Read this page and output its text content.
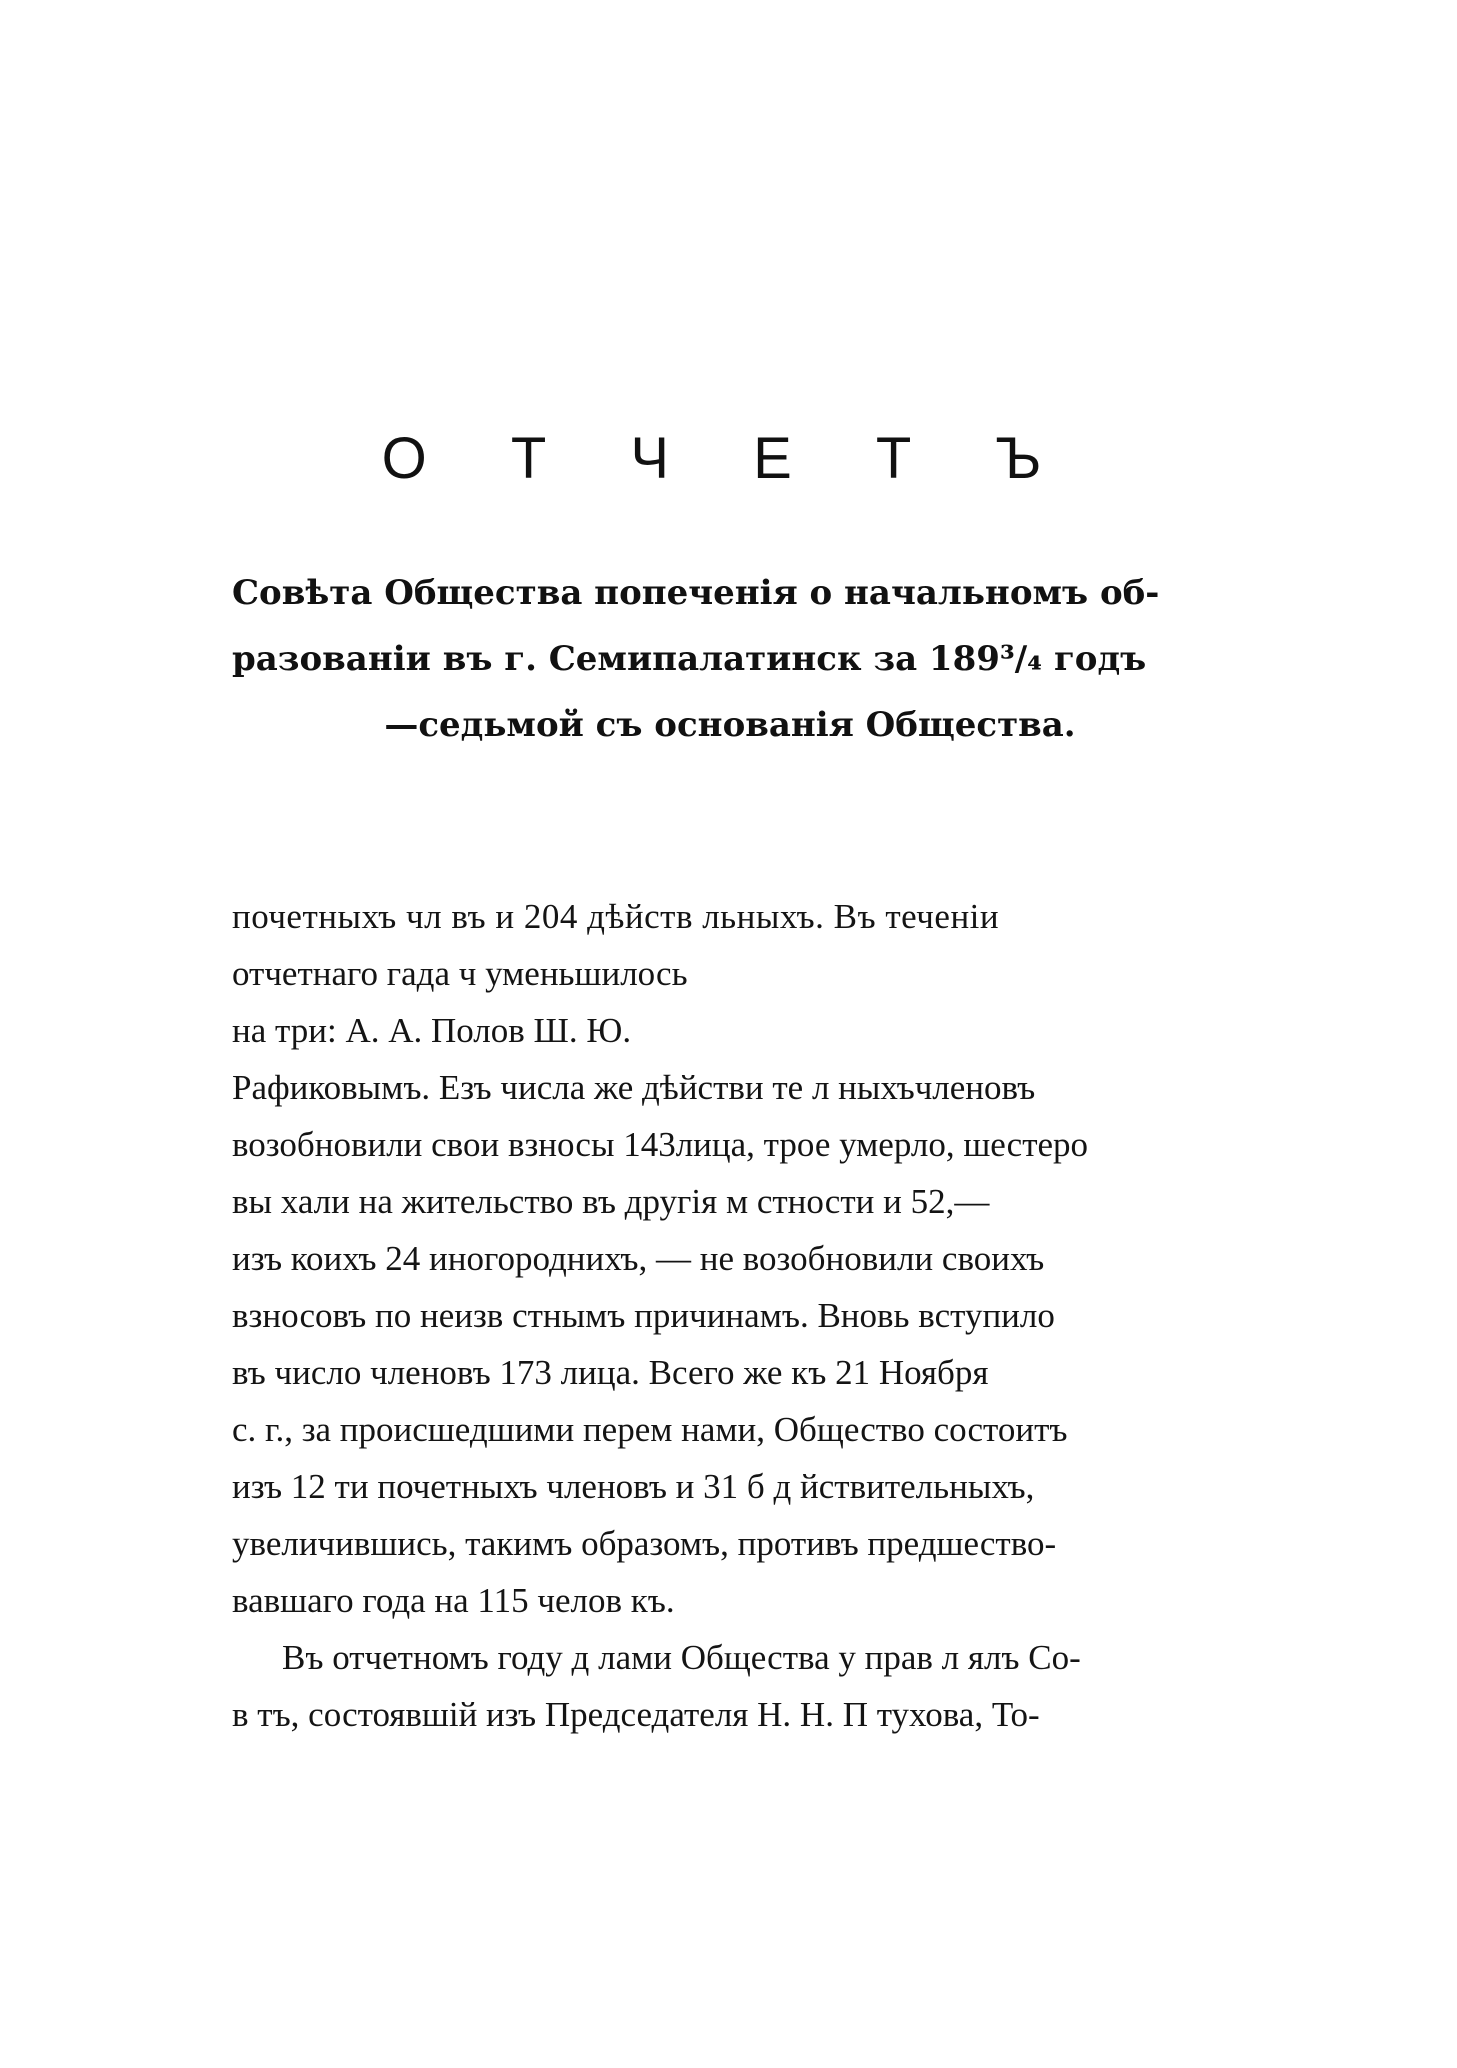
О Т Ч Е Т Ъ
Совѣта Общества попеченія о начальномъ об-
разованіи въ г. Семипалатинск за 189³/₄ годъ
—седьмой съ основанія Общества.
почетныхъ чл въ и 204 дѣйств льныхъ. Въ теченіи
отчетнаго гада ч уменьшилось
на три: А. А. Полов Ш. Ю.
Рафиковымъ. Езъ числа же дѣйстви те л ныхъчленовъ
возобновили свои взносы 143лица, трое умерло, шестеро
вы хали на жительство въ другія м стности и 52,—
изъ коихъ 24 иногороднихъ, — не возобновили своихъ
взносовъ по неизв стнымъ причинамъ. Вновь вступило
въ число членовъ 173 лица. Всего же къ 21 Ноября
с. г., за происшедшими перем нами, Общество состоитъ
изъ 12 ти почетныхъ членовъ и 31 б д йствительныхъ,
увеличившись, такимъ образомъ, противъ предшество-
вавшаго года на 115 челов къ.
Въ отчетномъ году д лами Общества у прав л ялъ Со-
в тъ, состоявшій изъ Председателя Н. Н. П тухова, То-
